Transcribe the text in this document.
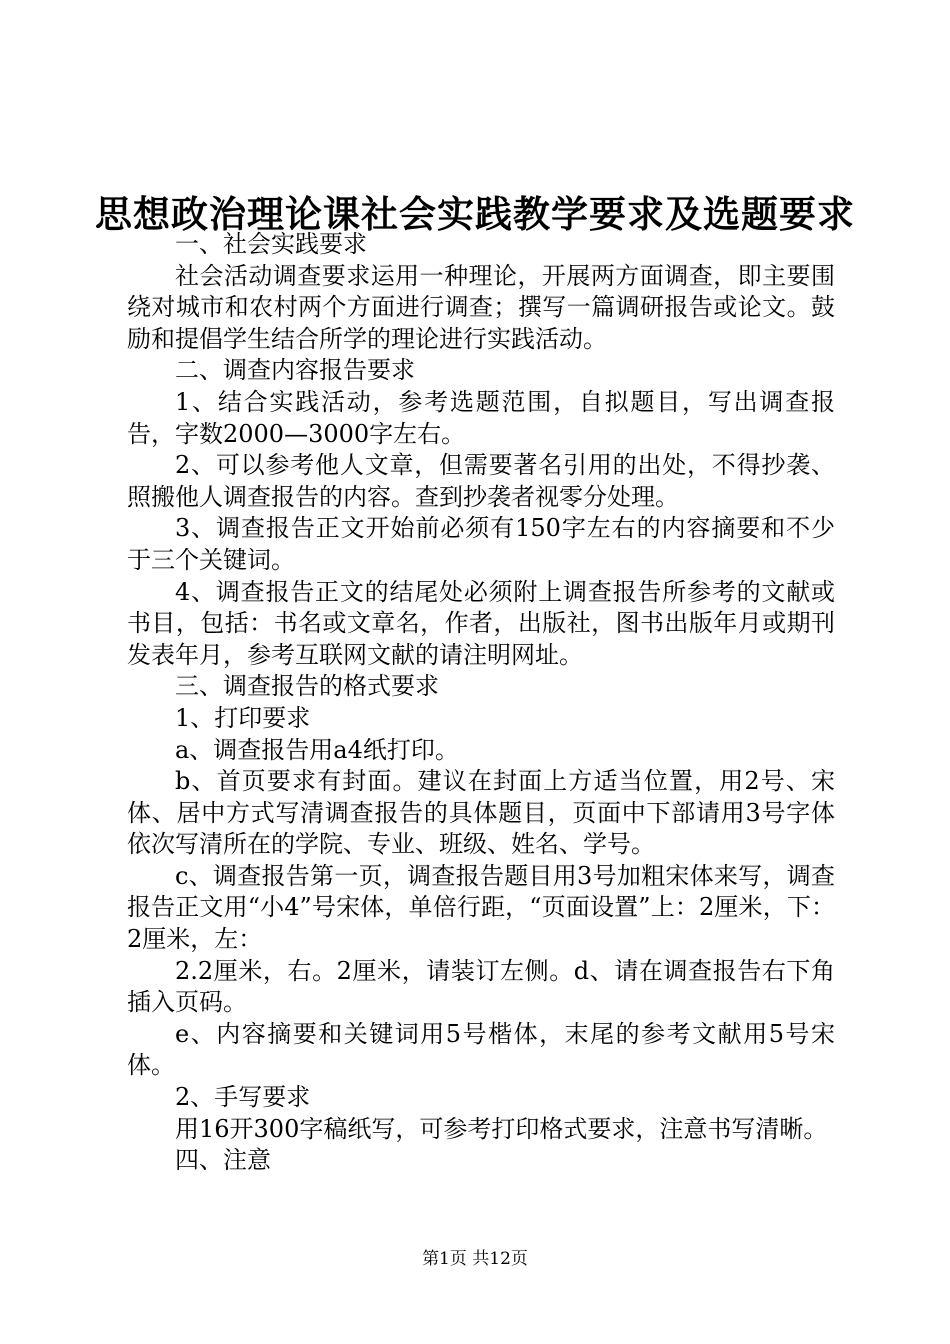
思想政治理论课社会实践教学要求及选题要求

一、社会实践要求

社会活动调查要求运用一种理论，开展两方面调查，即主要围绕对城市和农村两个方面进行调查；撰写一篇调研报告或论文。鼓励和提倡学生结合所学的理论进行实践活动。

二、调查内容报告要求

1、结合实践活动，参考选题范围，自拟题目，写出调查报告，字数2000—3000字左右。

2、可以参考他人文章，但需要著名引用的出处，不得抄袭、照搬他人调查报告的内容。查到抄袭者视零分处理。

3、调查报告正文开始前必须有150字左右的内容摘要和不少于三个关键词。

4、调查报告正文的结尾处必须附上调查报告所参考的文献或书目，包括：书名或文章名，作者，出版社，图书出版年月或期刊发表年月，参考互联网文献的请注明网址。

三、调查报告的格式要求

1、打印要求

a、调查报告用a4纸打印。

b、首页要求有封面。建议在封面上方适当位置，用2号、宋体、居中方式写清调查报告的具体题目，页面中下部请用3号字体依次写清所在的学院、专业、班级、姓名、学号。

c、调查报告第一页，调查报告题目用3号加粗宋体来写，调查报告正文用“小4”号宋体，单倍行距，“页面设置”上：2厘米，下：2厘米，左：

2.2厘米，右。2厘米，请装订左侧。d、请在调查报告右下角插入页码。

e、内容摘要和关键词用5号楷体，末尾的参考文献用5号宋体。

2、手写要求

用16开300字稿纸写，可参考打印格式要求，注意书写清晰。

四、注意

第1页 共12页
